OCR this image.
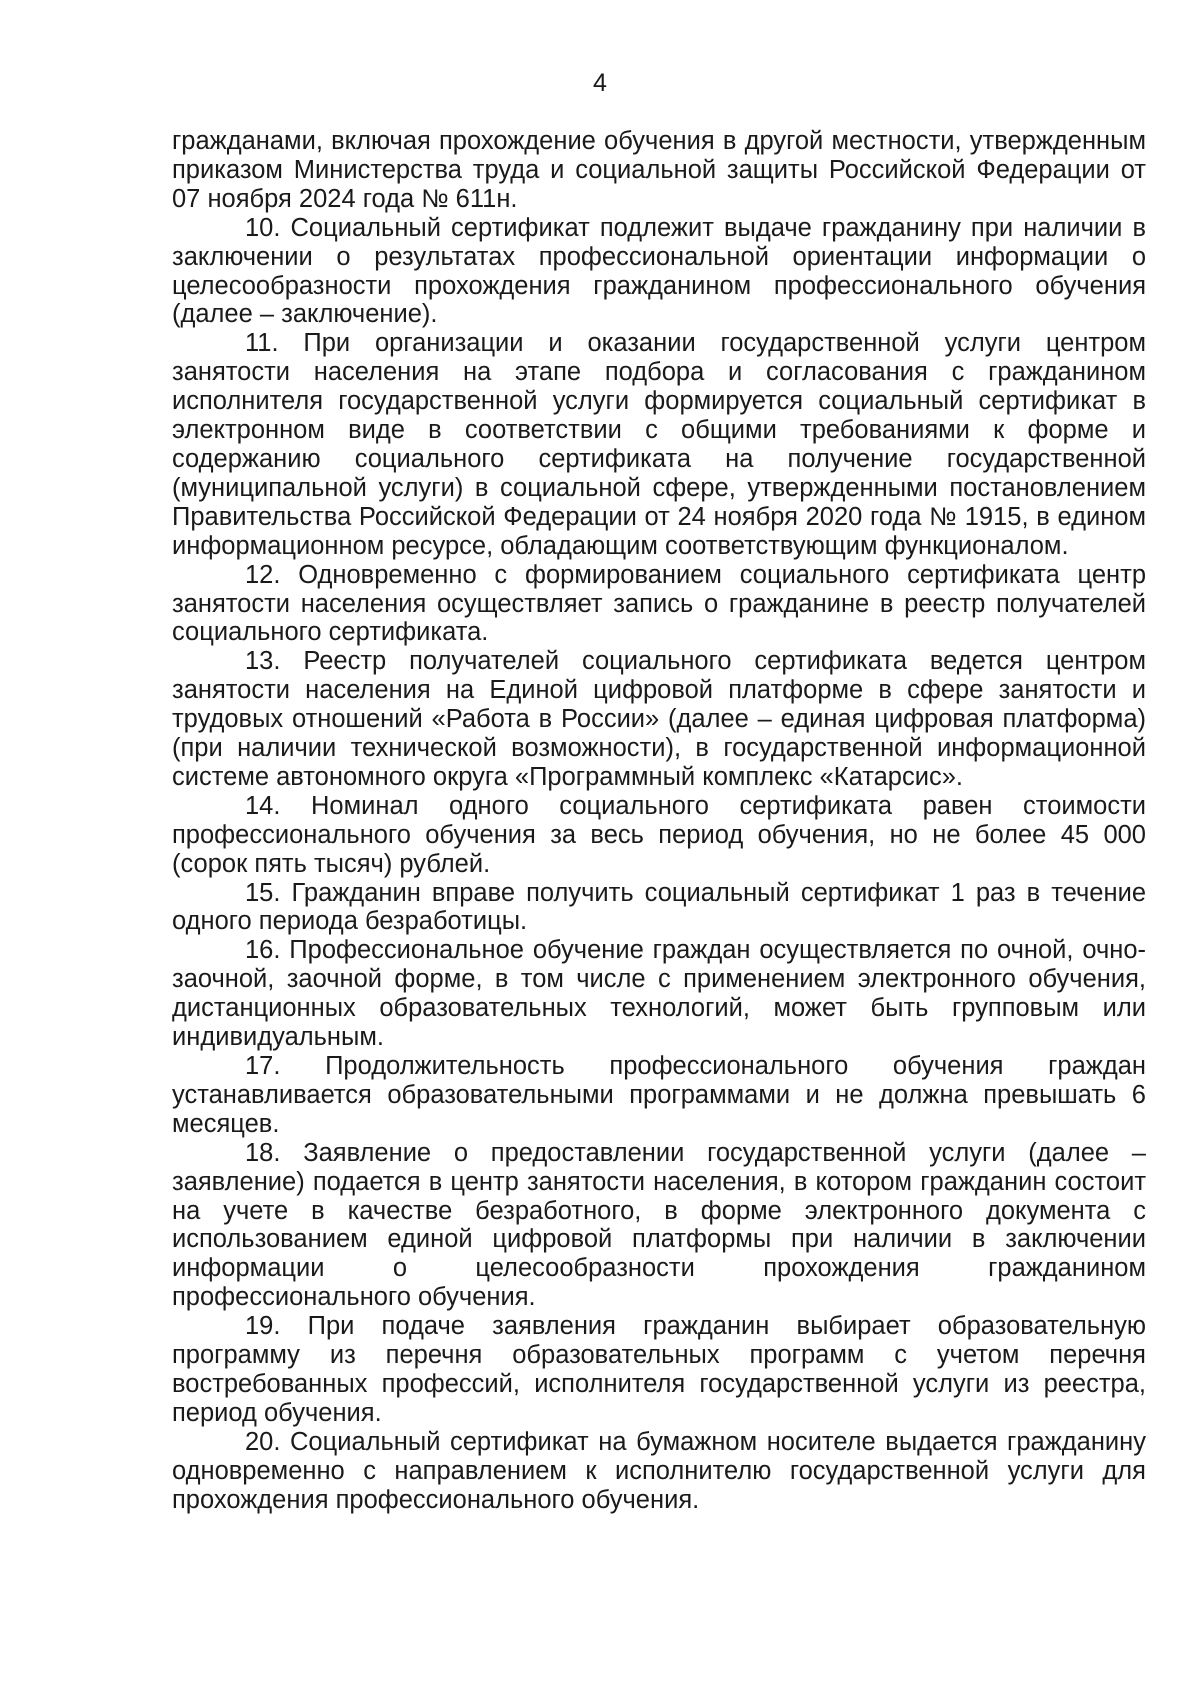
4

гражданами, включая прохождение обучения в другой местности, утвержденным приказом Министерства труда и социальной защиты Российской Федерации от 07 ноября 2024 года № 611н.

10. Социальный сертификат подлежит выдаче гражданину при наличии в заключении о результатах профессиональной ориентации информации о целесообразности прохождения гражданином профессионального обучения (далее – заключение).

11. При организации и оказании государственной услуги центром занятости населения на этапе подбора и согласования с гражданином исполнителя государственной услуги формируется социальный сертификат в электронном виде в соответствии с общими требованиями к форме и содержанию социального сертификата на получение государственной (муниципальной услуги) в социальной сфере, утвержденными постановлением Правительства Российской Федерации от 24 ноября 2020 года № 1915, в едином информационном ресурсе, обладающим соответствующим функционалом.

12. Одновременно с формированием социального сертификата центр занятости населения осуществляет запись о гражданине в реестр получателей социального сертификата.

13. Реестр получателей социального сертификата ведется центром занятости населения на Единой цифровой платформе в сфере занятости и трудовых отношений «Работа в России» (далее – единая цифровая платформа) (при наличии технической возможности), в государственной информационной системе автономного округа «Программный комплекс «Катарсис».

14. Номинал одного социального сертификата равен стоимости профессионального обучения за весь период обучения, но не более 45 000 (сорок пять тысяч) рублей.

15. Гражданин вправе получить социальный сертификат 1 раз в течение одного периода безработицы.

16. Профессиональное обучение граждан осуществляется по очной, очно-заочной, заочной форме, в том числе с применением электронного обучения, дистанционных образовательных технологий, может быть групповым или индивидуальным.

17. Продолжительность профессионального обучения граждан устанавливается образовательными программами и не должна превышать 6 месяцев.

18. Заявление о предоставлении государственной услуги (далее – заявление) подается в центр занятости населения, в котором гражданин состоит на учете в качестве безработного, в форме электронного документа с использованием единой цифровой платформы при наличии в заключении информации о целесообразности прохождения гражданином профессионального обучения.

19. При подаче заявления гражданин выбирает образовательную программу из перечня образовательных программ с учетом перечня востребованных профессий, исполнителя государственной услуги из реестра, период обучения.

20. Социальный сертификат на бумажном носителе выдается гражданину одновременно с направлением к исполнителю государственной услуги для прохождения профессионального обучения.
